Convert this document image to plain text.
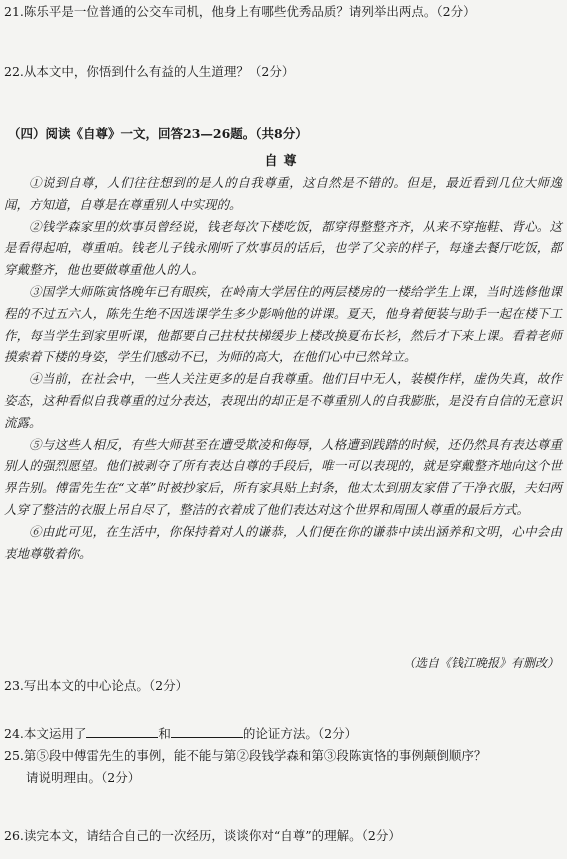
21.陈乐平是一位普通的公交车司机，他身上有哪些优秀品质？请列举出两点。（2分）
22.从本文中，你悟到什么有益的人生道理？（2分）
（四）阅读《自尊》一文，回答23—26题。（共8分）
自尊

①说到自尊，人们往往想到的是人的自我尊重，这自然是不错的。但是，最近看到几位大师逸闻，方知道，自尊是在尊重别人中实现的。

②钱学森家里的炊事员曾经说，钱老每次下楼吃饭，都穿得整整齐齐，从来不穿拖鞋、背心。这是看得起咱，尊重咱。钱老儿子钱永刚听了炊事员的话后，也学了父亲的样子，每逢去餐厅吃饭，都穿戴整齐，他也要做尊重他人的人。

③国学大师陈寅恪晚年已有眼疾，在岭南大学居住的两层楼房的一楼给学生上课，当时选修他课程的不过五六人，陈先生绝不因选课学生多少影响他的讲课。夏天，他身着便装与助手一起在楼下工作，每当学生到家里听课，他都要自己拄杖扶梯缓步上楼改换夏布长衫，然后才下来上课。看着老师摸索着下楼的身姿，学生们感动不已，为师的高大，在他们心中已然耸立。

④当前，在社会中，一些人关注更多的是自我尊重。他们目中无人，装模作样，虚伪失真，故作姿态，这种看似自我尊重的过分表达，表现出的却正是不尊重别人的自我膨胀，是没有自信的无意识流露。

⑤与这些人相反，有些大师甚至在遭受欺凌和侮辱，人格遭到践踏的时候，还仍然具有表达尊重别人的强烈愿望。他们被剥夺了所有表达自尊的手段后，唯一可以表现的，就是穿戴整齐地向这个世界告别。傅雷先生在“文革”时被抄家后，所有家具贴上封条，他太太到朋友家借了干净衣服，夫妇两人穿了整洁的衣服上吊自尽了，整洁的衣着成了他们表达对这个世界和周围人尊重的最后方式。

⑥由此可见，在生活中，你保持着对人的谦恭，人们便在你的谦恭中读出涵养和文明，心中会由衷地尊敬着你。

（选自《钱江晚报》有删改）
23.写出本文的中心论点。（2分）
24.本文运用了	和	的论证方法。（2分）
25.第⑤段中傅雷先生的事例，能不能与第②段钱学森和第③段陈寅恪的事例颠倒顺序？
请说明理由。（2分）
26.读完本文，请结合自己的一次经历，谈谈你对“自尊”的理解。（2分）
